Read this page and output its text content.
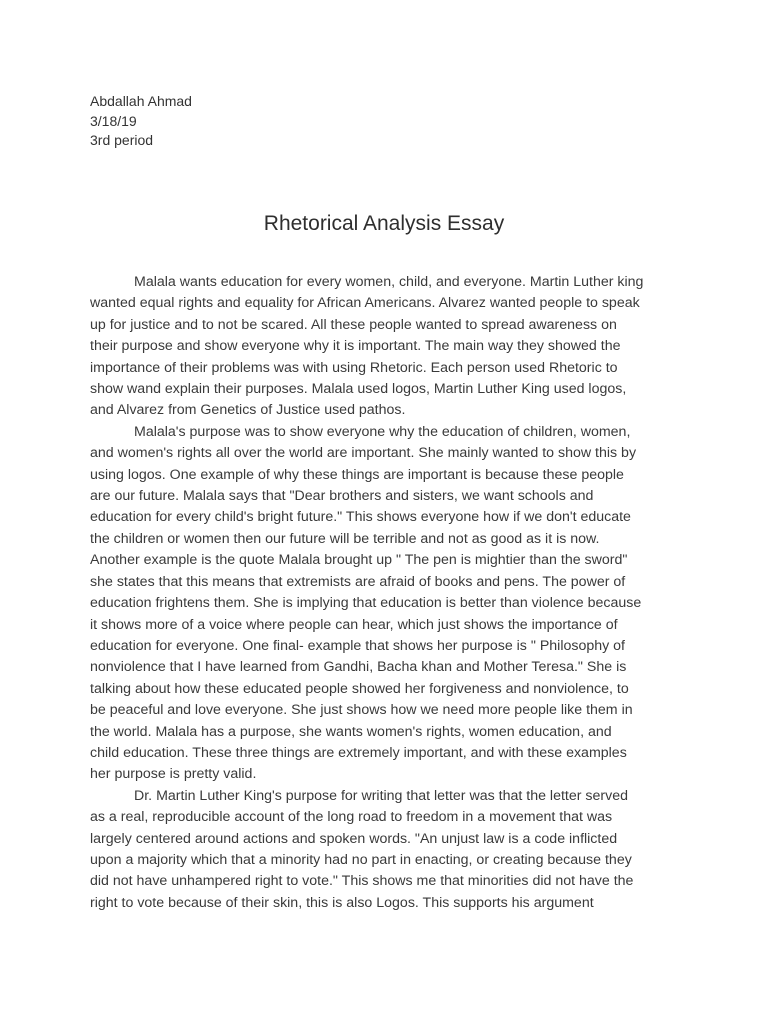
Abdallah Ahmad
3/18/19
3rd period
Rhetorical Analysis Essay
Malala wants education for every women, child, and everyone. Martin Luther king
wanted equal rights and equality for African Americans. Alvarez wanted people to speak
up for justice and to not be scared. All these people wanted to spread awareness on
their purpose and show everyone why it is important. The main way they showed the
importance of their problems was with using Rhetoric. Each person used Rhetoric to
show wand explain their purposes. Malala used logos, Martin Luther King used logos,
and Alvarez from Genetics of Justice used pathos.
Malala's purpose was to show everyone why the education of children, women,
and women's rights all over the world are important. She mainly wanted to show this by
using logos. One example of why these things are important is because these people
are our future. Malala says that "Dear brothers and sisters, we want schools and
education for every child's bright future." This shows everyone how if we don't educate
the children or women then our future will be terrible and not as good as it is now.
Another example is the quote Malala brought up " The pen is mightier than the sword"
she states that this means that extremists are afraid of books and pens. The power of
education frightens them. She is implying that education is better than violence because
it shows more of a voice where people can hear, which just shows the importance of
education for everyone. One final- example that shows her purpose is " Philosophy of
nonviolence that I have learned from Gandhi, Bacha khan and Mother Teresa." She is
talking about how these educated people showed her forgiveness and nonviolence, to
be peaceful and love everyone. She just shows how we need more people like them in
the world. Malala has a purpose, she wants women's rights, women education, and
child education. These three things are extremely important, and with these examples
her purpose is pretty valid.
Dr. Martin Luther King's purpose for writing that letter was that the letter served
as a real, reproducible account of the long road to freedom in a movement that was
largely centered around actions and spoken words. "An unjust law is a code inflicted
upon a majority which that a minority had no part in enacting, or creating because they
did not have unhampered right to vote." This shows me that minorities did not have the
right to vote because of their skin, this is also Logos. This supports his argument
